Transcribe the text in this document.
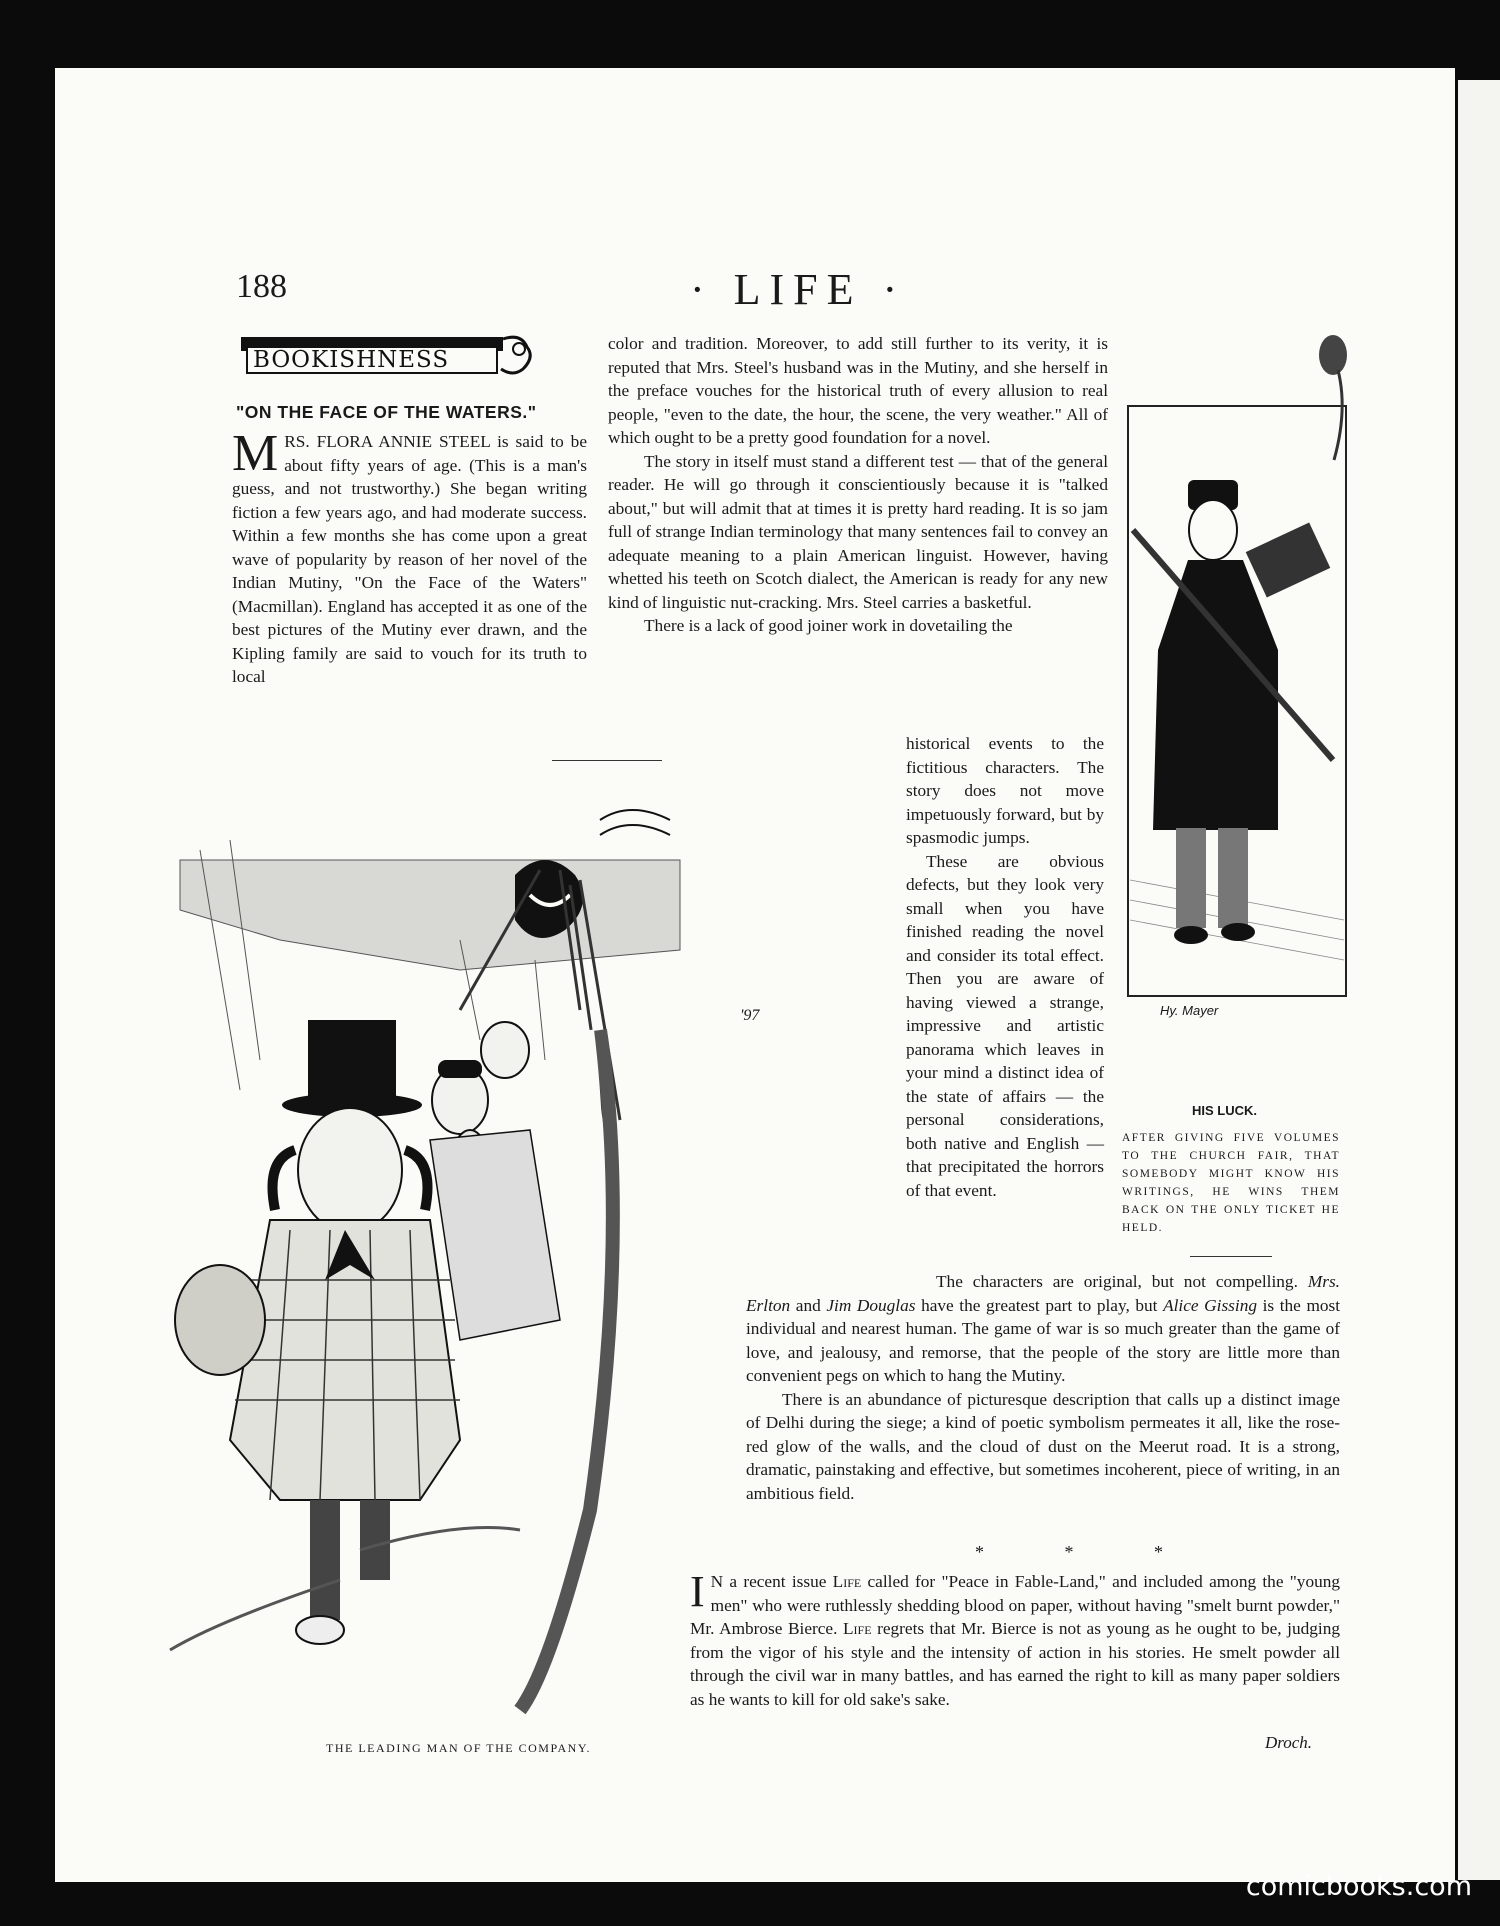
188	· LIFE ·
BOOKISHNESS
"ON THE FACE OF THE WATERS."

MRS. FLORA ANNIE STEEL is said to be about fifty years of age. (This is a man's guess, and not trustworthy.) She began writing fiction a few years ago, and had moderate success. Within a few months she has come upon a great wave of popularity by reason of her novel of the Indian Mutiny, "On the Face of the Waters" (Macmillan). England has accepted it as one of the best pictures of the Mutiny ever drawn, and the Kipling family are said to vouch for its truth to local

color and tradition. Moreover, to add still further to its verity, it is reputed that Mrs. Steel's husband was in the Mutiny, and she herself in the preface vouches for the historical truth of every allusion to real people, "even to the date, the hour, the scene, the very weather." All of which ought to be a pretty good foundation for a novel.

The story in itself must stand a different test — that of the general reader. He will go through it conscientiously because it is "talked about," but will admit that at times it is pretty hard reading. It is so jam full of strange Indian terminology that many sentences fail to convey an adequate meaning to a plain American linguist. However, having whetted his teeth on Scotch dialect, the American is ready for any new kind of linguistic nut-cracking. Mrs. Steel carries a basketful.

There is a lack of good joiner work in dovetailing the

historical events to the fictitious characters. The story does not move impetuously forward, but by spasmodic jumps.

These are obvious defects, but they look very small when you have finished reading the novel and consider its total effect. Then you are aware of having viewed a strange, impressive and artistic panorama which leaves in your mind a distinct idea of the state of affairs — the personal considerations, both native and English — that precipitated the horrors of that event.

The characters are original, but not compelling. Mrs. Erlton and Jim Douglas have the greatest part to play, but Alice Gissing is the most individual and nearest human. The game of war is so much greater than the game of love, and jealousy, and remorse, that the people of the story are little more than convenient pegs on which to hang the Mutiny.

There is an abundance of picturesque description that calls up a distinct image of Delhi during the siege; a kind of poetic symbolism permeates it all, like the rose-red glow of the walls, and the cloud of dust on the Meerut road. It is a strong, dramatic, painstaking and effective, but sometimes incoherent, piece of writing, in an ambitious field.

* * *

I N a recent issue Life called for "Peace in Fable-Land," and included among the "young men" who were ruthlessly shedding blood on paper, without having "smelt burnt powder," Mr. Ambrose Bierce. Life regrets that Mr. Bierce is not as young as he ought to be, judging from the vigor of his style and the intensity of action in his stories. He smelt powder all through the civil war in many battles, and has earned the right to kill as many paper soldiers as he wants to kill for old sake's sake.

Droch.
Hy. Mayer
HIS LUCK.
AFTER GIVING FIVE VOLUMES TO THE CHURCH FAIR, THAT SOMEBODY MIGHT KNOW HIS WRITINGS, HE WINS THEM BACK ON THE ONLY TICKET HE HELD.
'97
THE LEADING MAN OF THE COMPANY.
comicbooks.com
